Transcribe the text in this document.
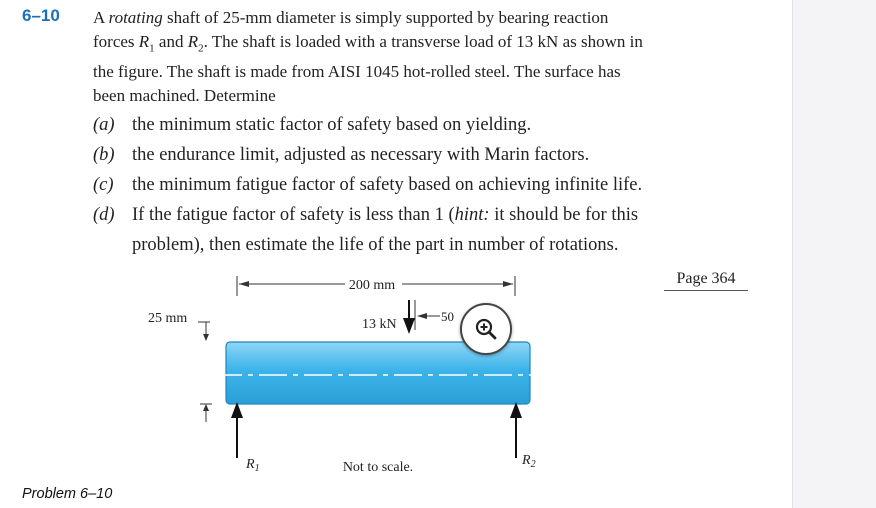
6–10 A rotating shaft of 25-mm diameter is simply supported by bearing reaction
forces $R_1$ and $R_2$. The shaft is loaded with a transverse load of 13 kN as shown in
the figure. The shaft is made from AISI 1045 hot-rolled steel. The surface has
been machined. Determine

(a) the minimum static factor of safety based on yielding.
(b) the endurance limit, adjusted as necessary with Marin factors.
(c) the minimum fatigue factor of safety based on achieving infinite life.
(d) If the fatigue factor of safety is less than 1 (hint: it should be for this
problem), then estimate the life of the part in number of rotations.
Page 364
200 mm
50
13 kN
25 mm
$R_1$
$R_2$
Not to scale.
Problem 6–10
